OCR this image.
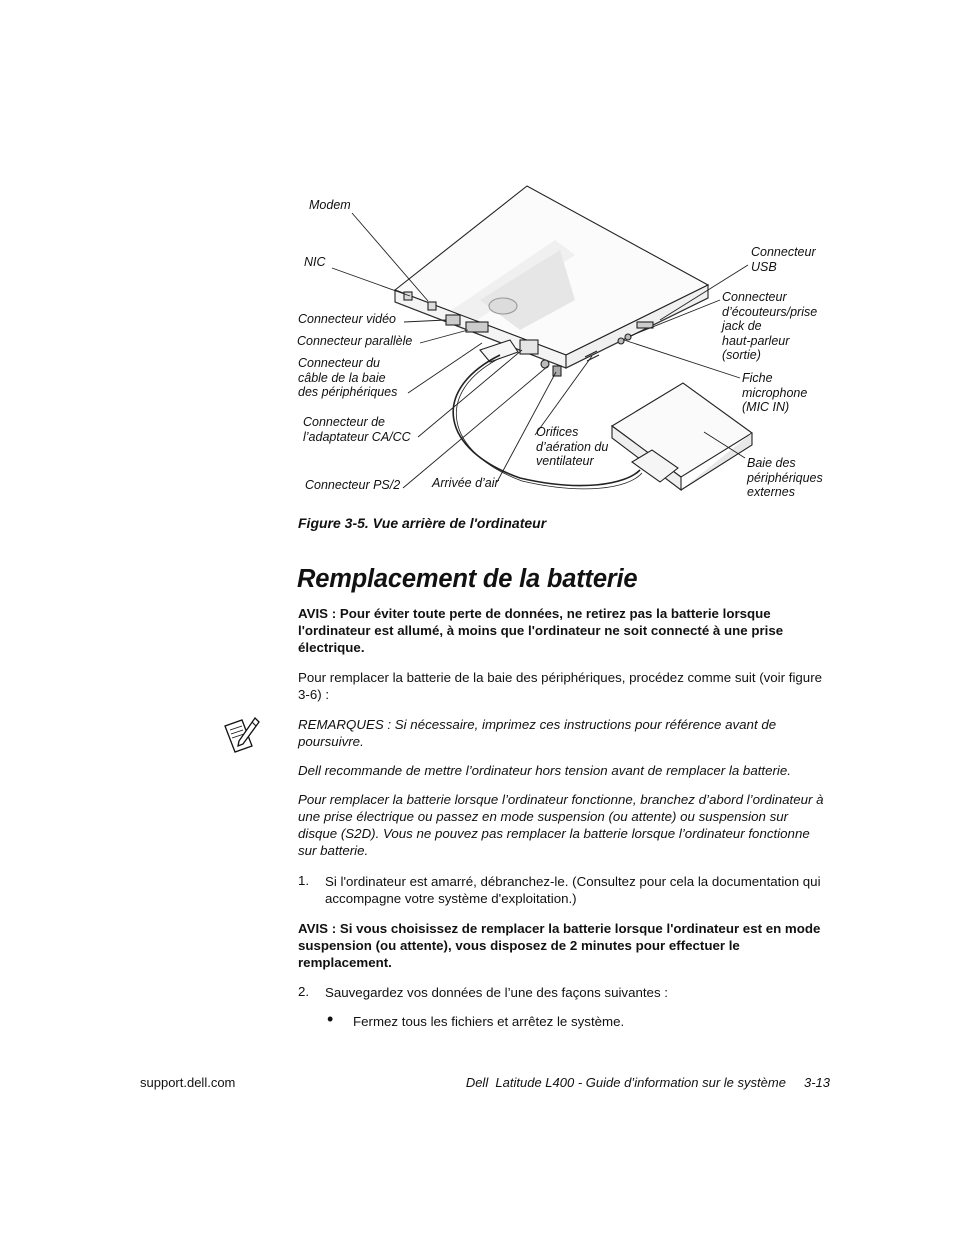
Modem
NIC
Connecteur vidéo
Connecteur parallèle
Connecteur du
câble de la baie
des périphériques
Connecteur de
l’adaptateur CA/CC
Connecteur PS/2	Arrivée d’air
Orifices
d’aération du
ventilateur
Connecteur
USB
Connecteur
d’écouteurs/prise
jack de
haut-parleur
(sortie)
Fiche
microphone
(MIC IN)
Baie des
périphériques
externes
Figure 3-5. Vue arrière de l'ordinateur
Remplacement de la batterie
AVIS : Pour éviter toute perte de données, ne retirez pas la batterie lorsque l'ordinateur est allumé, à moins que l'ordinateur ne soit connecté à une prise électrique.
Pour remplacer la batterie de la baie des périphériques, procédez comme suit (voir figure 3-6) :
REMARQUES : Si nécessaire, imprimez ces instructions pour référence avant de poursuivre.
Dell recommande de mettre l’ordinateur hors tension avant de remplacer la batterie.
Pour remplacer la batterie lorsque l’ordinateur fonctionne, branchez d’abord l’ordinateur à une prise électrique ou passez en mode suspension (ou attente) ou suspension sur disque (S2D). Vous ne pouvez pas remplacer la batterie lorsque l’ordinateur fonctionne sur batterie.
1. Si l'ordinateur est amarré, débranchez-le. (Consultez pour cela la documentation qui accompagne votre système d'exploitation.)
AVIS : Si vous choisissez de remplacer la batterie lorsque l'ordinateur est en mode suspension (ou attente), vous disposez de 2 minutes pour effectuer le remplacement.
2. Sauvegardez vos données de l’une des façons suivantes :
• Fermez tous les fichiers et arrêtez le système.
support.dell.com	Dell  Latitude L400 - Guide d’information sur le système     3-13
